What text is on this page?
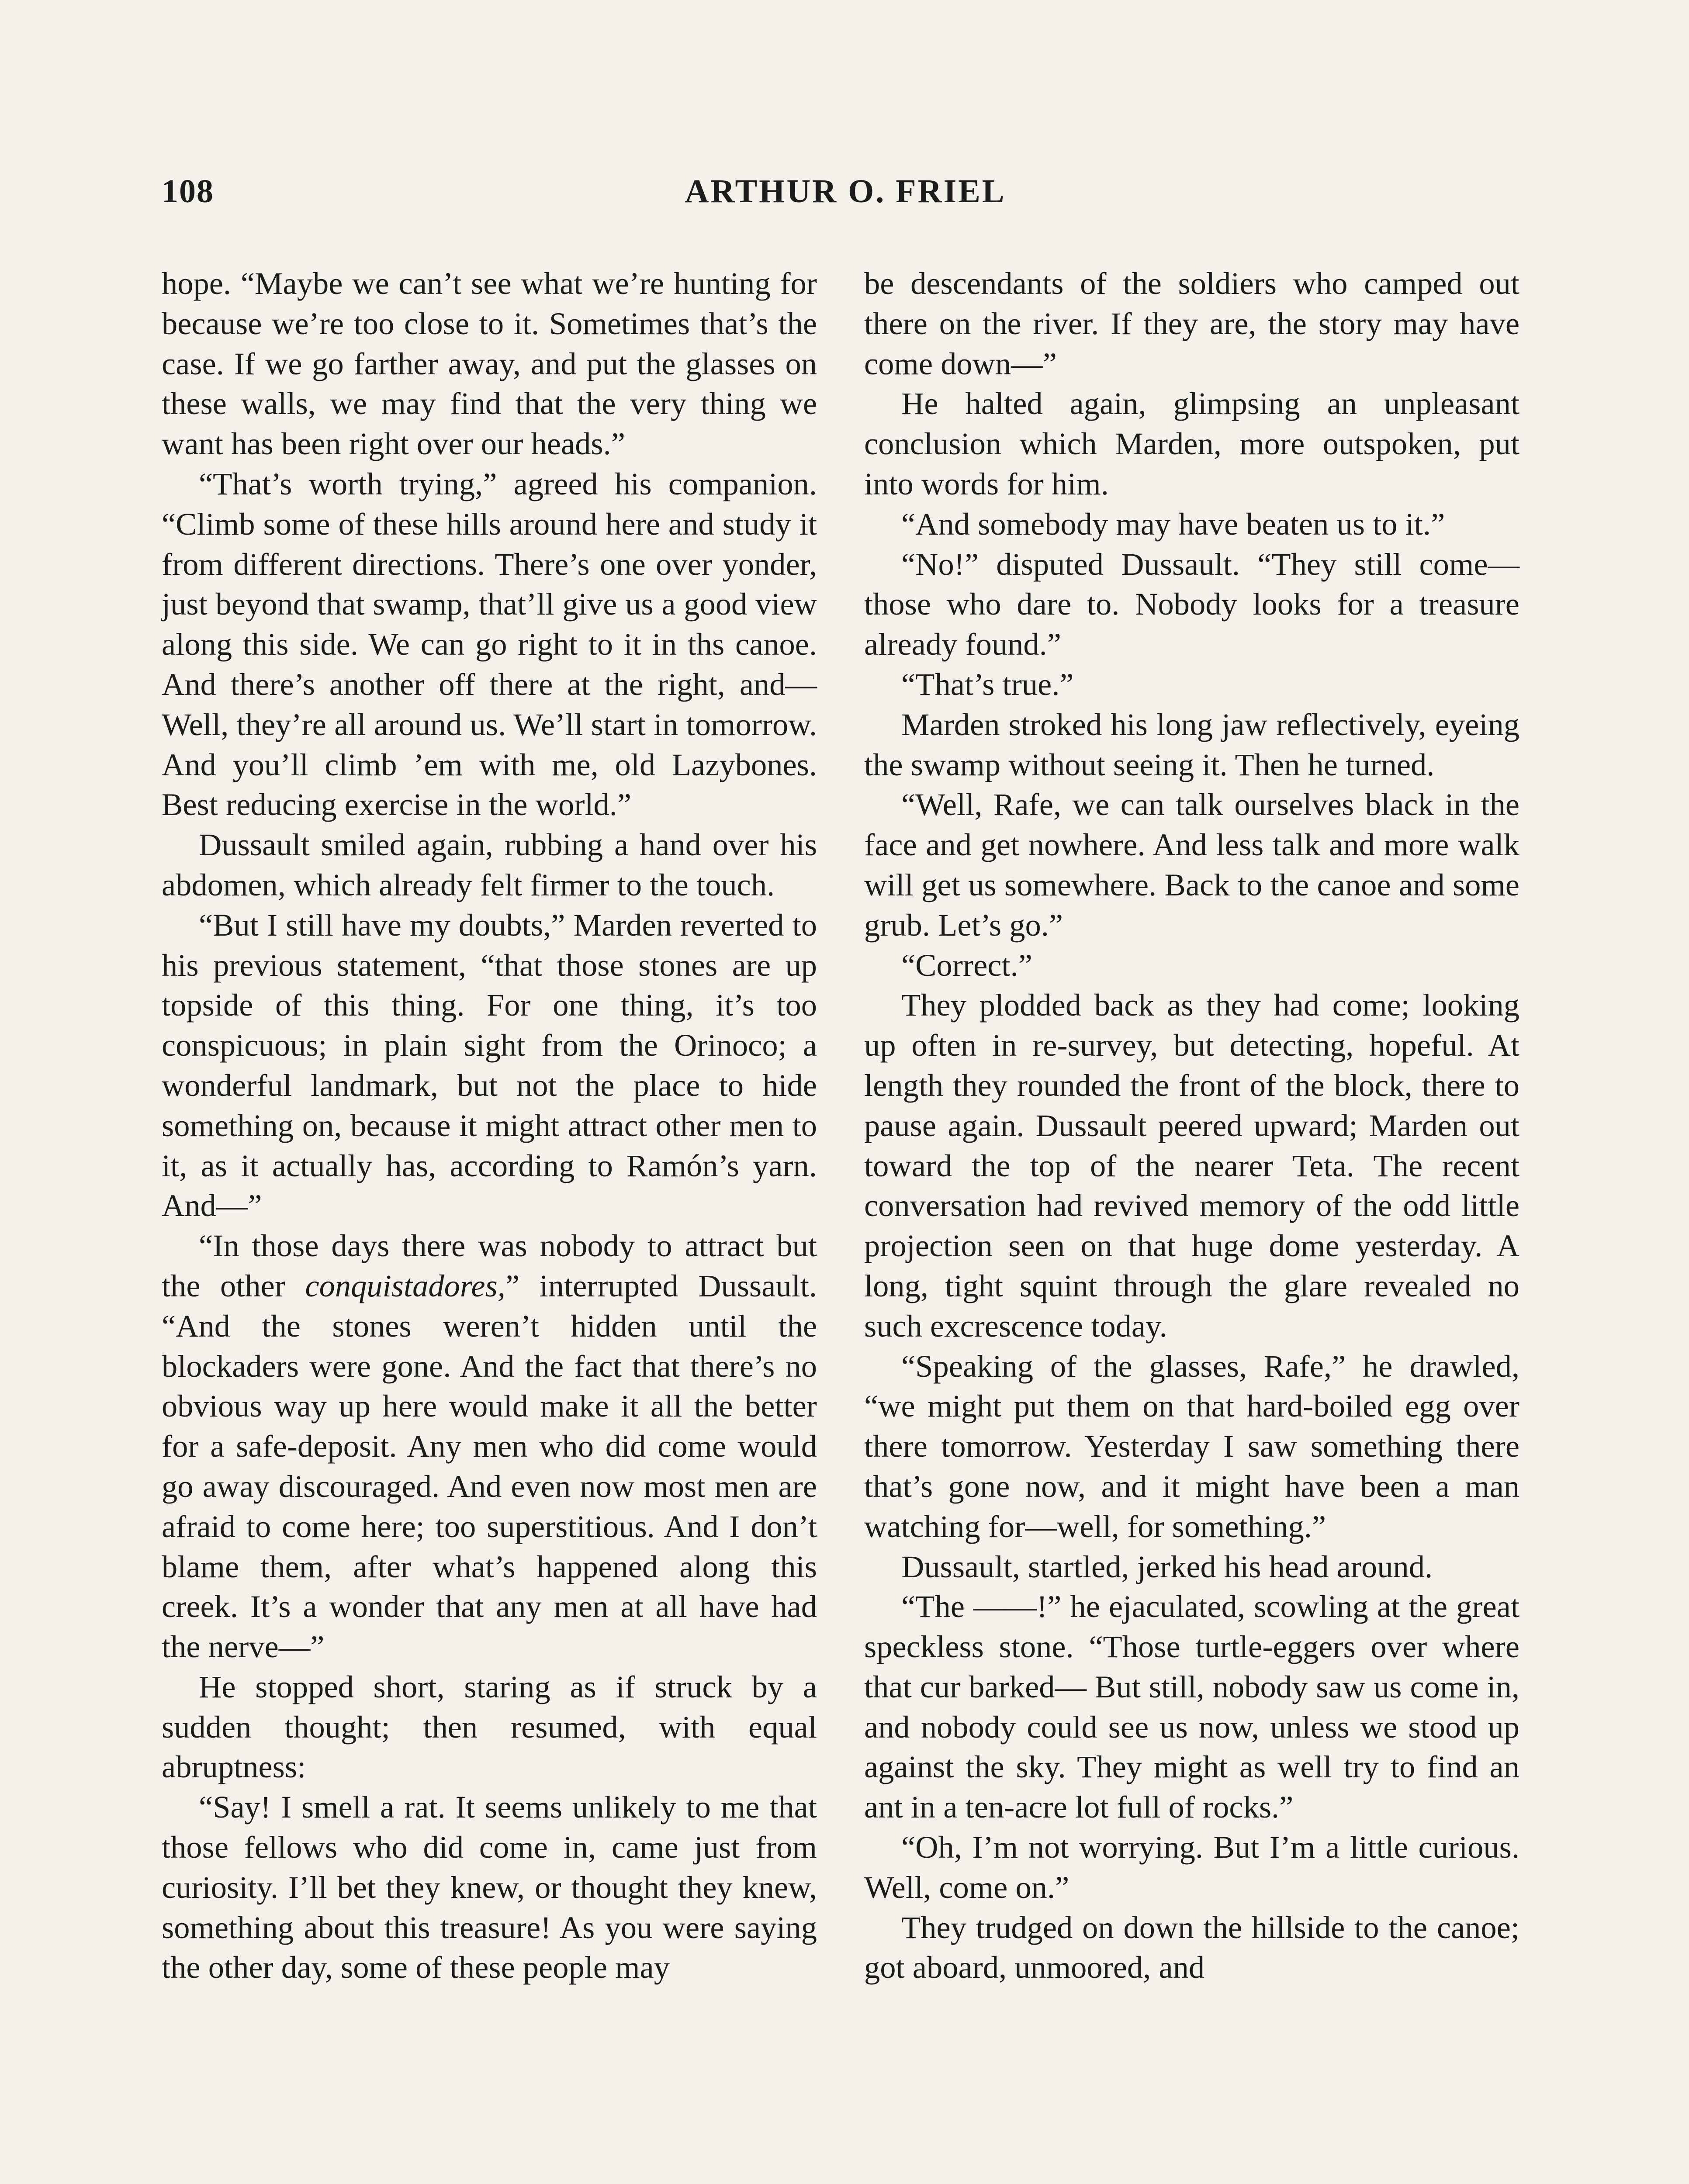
108	ARTHUR O. FRIEL

hope. “Maybe we can’t see what we’re hunting for because we’re too close to it. Sometimes that’s the case. If we go farther away, and put the glasses on these walls, we may find that the very thing we want has been right over our heads.”

“That’s worth trying,” agreed his companion. “Climb some of these hills around here and study it from different directions. There’s one over yonder, just beyond that swamp, that’ll give us a good view along this side. We can go right to it in ths canoe. And there’s another off there at the right, and— Well, they’re all around us. We’ll start in tomorrow. And you’ll climb ’em with me, old Lazybones. Best reducing exercise in the world.”

Dussault smiled again, rubbing a hand over his abdomen, which already felt firmer to the touch.

“But I still have my doubts,” Marden reverted to his previous statement, “that those stones are up topside of this thing. For one thing, it’s too conspicuous; in plain sight from the Orinoco; a wonderful landmark, but not the place to hide something on, because it might attract other men to it, as it actually has, according to Ramón’s yarn. And—”

“In those days there was nobody to attract but the other conquistadores,” interrupted Dussault. “And the stones weren’t hidden until the blockaders were gone. And the fact that there’s no obvious way up here would make it all the better for a safe-deposit. Any men who did come would go away discouraged. And even now most men are afraid to come here; too superstitious. And I don’t blame them, after what’s happened along this creek. It’s a wonder that any men at all have had the nerve—”

He stopped short, staring as if struck by a sudden thought; then resumed, with equal abruptness:

“Say! I smell a rat. It seems unlikely to me that those fellows who did come in, came just from curiosity. I’ll bet they knew, or thought they knew, something about this treasure! As you were saying the other day, some of these people may

be descendants of the soldiers who camped out there on the river. If they are, the story may have come down—”

He halted again, glimpsing an unpleasant conclusion which Marden, more outspoken, put into words for him.

“And somebody may have beaten us to it.”

“No!” disputed Dussault. “They still come—those who dare to. Nobody looks for a treasure already found.”

“That’s true.”

Marden stroked his long jaw reflectively, eyeing the swamp without seeing it. Then he turned.

“Well, Rafe, we can talk ourselves black in the face and get nowhere. And less talk and more walk will get us somewhere. Back to the canoe and some grub. Let’s go.”

“Correct.”

They plodded back as they had come; looking up often in re-survey, but detecting, hopeful. At length they rounded the front of the block, there to pause again. Dussault peered upward; Marden out toward the top of the nearer Teta. The recent conversation had revived memory of the odd little projection seen on that huge dome yesterday. A long, tight squint through the glare revealed no such excrescence today.

“Speaking of the glasses, Rafe,” he drawled, “we might put them on that hard-boiled egg over there tomorrow. Yesterday I saw something there that’s gone now, and it might have been a man watching for—well, for something.”

Dussault, startled, jerked his head around.

“The ——!” he ejaculated, scowling at the great speckless stone. “Those turtle-eggers over where that cur barked— But still, nobody saw us come in, and nobody could see us now, unless we stood up against the sky. They might as well try to find an ant in a ten-acre lot full of rocks.”

“Oh, I’m not worrying. But I’m a little curious. Well, come on.”

They trudged on down the hillside to the canoe; got aboard, unmoored, and
